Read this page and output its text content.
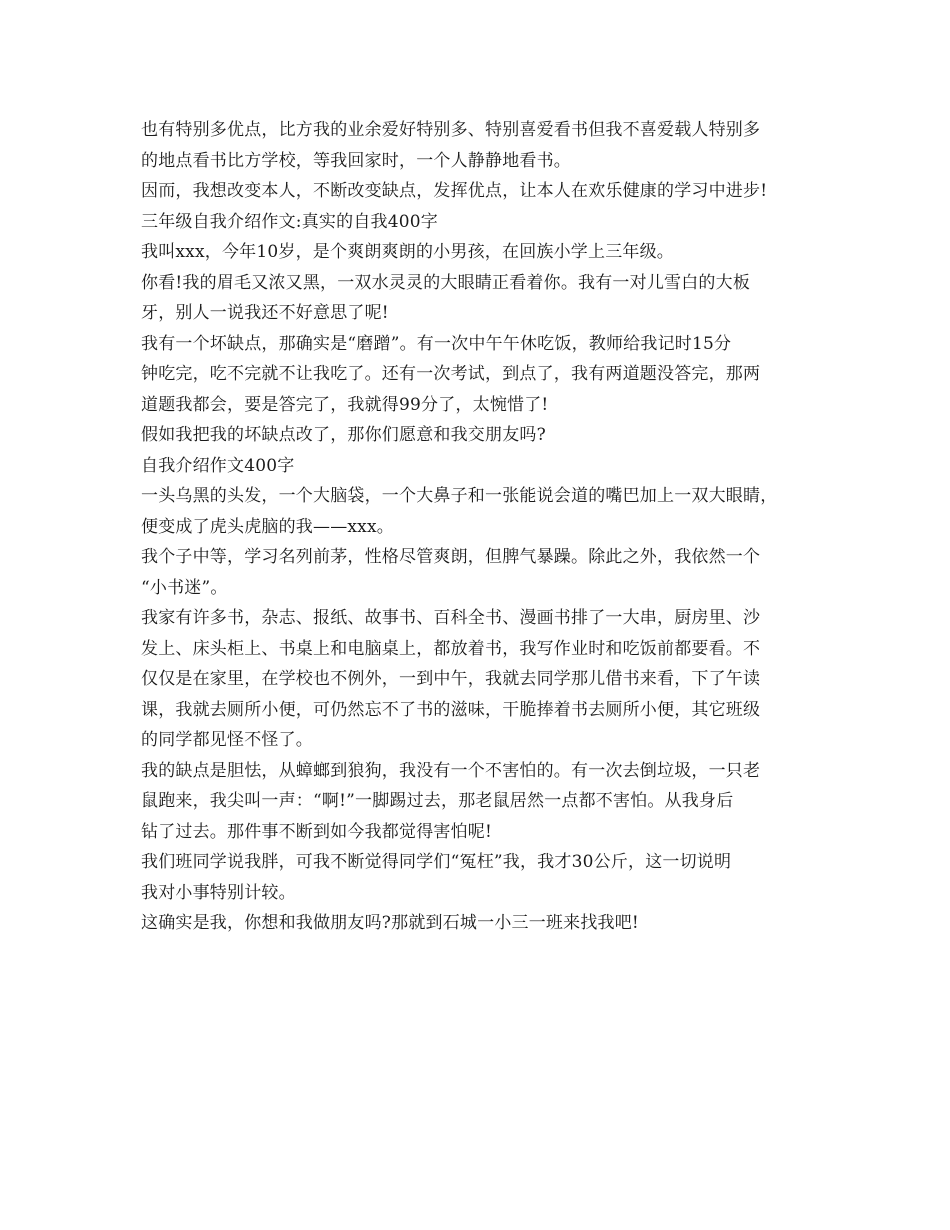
也有特别多优点，比方我的业余爱好特别多、特别喜爱看书但我不喜爱载人特别多
的地点看书比方学校，等我回家时，一个人静静地看书。
因而，我想改变本人，不断改变缺点，发挥优点，让本人在欢乐健康的学习中进步!
三年级自我介绍作文:真实的自我400字
我叫xxx，今年10岁，是个爽朗爽朗的小男孩，在回族小学上三年级。
你看!我的眉毛又浓又黑，一双水灵灵的大眼睛正看着你。我有一对儿雪白的大板
牙，别人一说我还不好意思了呢!
我有一个坏缺点，那确实是“磨蹭”。有一次中午午休吃饭，教师给我记时15分
钟吃完，吃不完就不让我吃了。还有一次考试，到点了，我有两道题没答完，那两
道题我都会，要是答完了，我就得99分了，太惋惜了!
假如我把我的坏缺点改了，那你们愿意和我交朋友吗?
自我介绍作文400字
一头乌黑的头发，一个大脑袋，一个大鼻子和一张能说会道的嘴巴加上一双大眼睛，
便变成了虎头虎脑的我——xxx。
我个子中等，学习名列前茅，性格尽管爽朗，但脾气暴躁。除此之外，我依然一个
“小书迷”。
我家有许多书，杂志、报纸、故事书、百科全书、漫画书排了一大串，厨房里、沙
发上、床头柜上、书桌上和电脑桌上，都放着书，我写作业时和吃饭前都要看。不
仅仅是在家里，在学校也不例外，一到中午，我就去同学那儿借书来看，下了午读
课，我就去厕所小便，可仍然忘不了书的滋味，干脆捧着书去厕所小便，其它班级
的同学都见怪不怪了。
我的缺点是胆怯，从蟑螂到狼狗，我没有一个不害怕的。有一次去倒垃圾，一只老
鼠跑来，我尖叫一声：“啊!”一脚踢过去，那老鼠居然一点都不害怕。从我身后
钻了过去。那件事不断到如今我都觉得害怕呢!
我们班同学说我胖，可我不断觉得同学们“冤枉”我，我才30公斤，这一切说明
我对小事特别计较。
这确实是我，你想和我做朋友吗?那就到石城一小三一班来找我吧!
